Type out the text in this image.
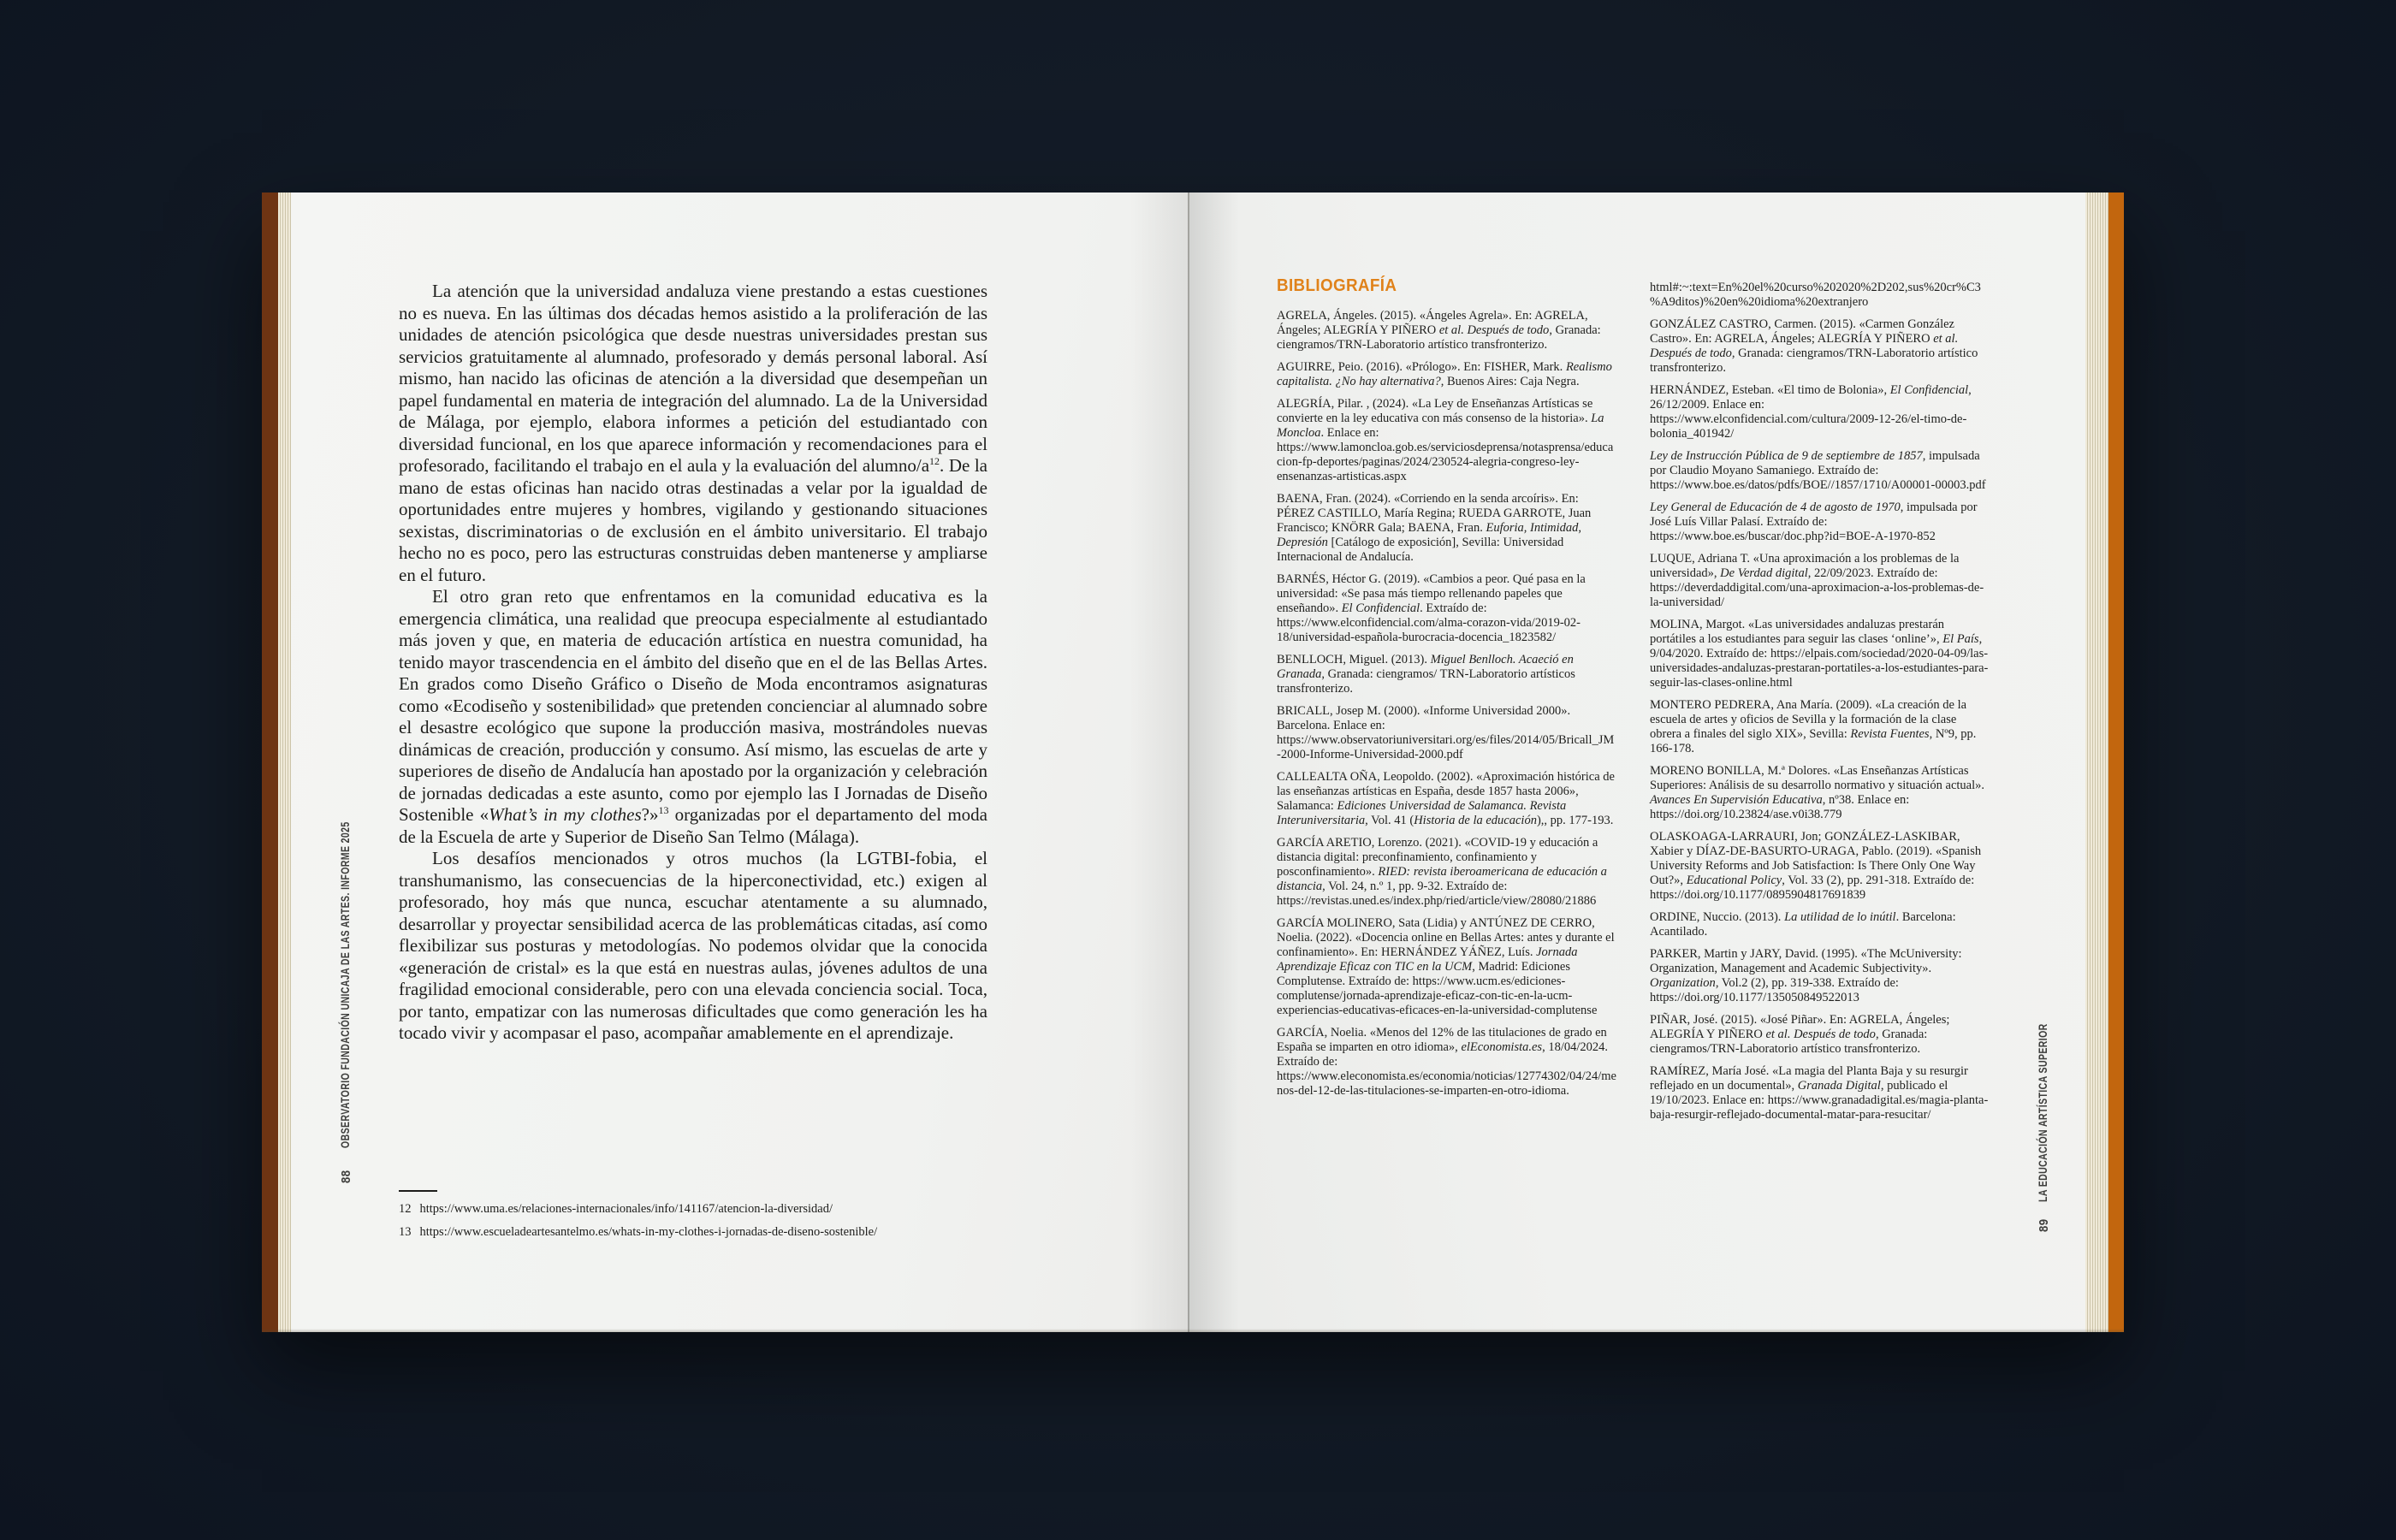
La atención que la universidad andaluza viene prestando a estas cuestiones no es nueva. En las últimas dos décadas hemos asistido a la proliferación de las unidades de atención psicológica que desde nuestras universidades prestan sus servicios gratuitamente al alumnado, profesorado y demás personal laboral. Así mismo, han nacido las oficinas de atención a la diversidad que desempeñan un papel fundamental en materia de integración del alumnado. La de la Universidad de Málaga, por ejemplo, elabora informes a petición del estudiantado con diversidad funcional, en los que aparece información y recomendaciones para el profesorado, facilitando el trabajo en el aula y la evaluación del alumno/$a^{12}$. De la mano de estas oficinas han nacido otras destinadas a velar por la igualdad de oportunidades entre mujeres y hombres, vigilando y gestionando situaciones sexistas, discriminatorias o de exclusión en el ámbito universitario. El trabajo hecho no es poco, pero las estructuras construidas deben mantenerse y ampliarse en el futuro.

El otro gran reto que enfrentamos en la comunidad educativa es la emergencia climática, una realidad que preocupa especialmente al estudiantado más joven y que, en materia de educación artística en nuestra comunidad, ha tenido mayor trascendencia en el ámbito del diseño que en el de las Bellas Artes. En grados como Diseño Gráfico o Diseño de Moda encontramos asignaturas como «Ecodiseño y sostenibilidad» que pretenden concienciar al alumnado sobre el desastre ecológico que supone la producción masiva, mostrándoles nuevas dinámicas de creación, producción y consumo. Así mismo, las escuelas de arte y superiores de diseño de Andalucía han apostado por la organización y celebración de jornadas dedicadas a este asunto, como por ejemplo las I Jornadas de Diseño Sostenible «What’s in my clothes?»$^{13}$ organizadas por el departamento del moda de la Escuela de arte y Superior de Diseño San Telmo (Málaga).

Los desafíos mencionados y otros muchos (la LGTBI-fobia, el transhumanismo, las consecuencias de la hiperconectividad, etc.) exigen al profesorado, hoy más que nunca, escuchar atentamente a su alumnado, desarrollar y proyectar sensibilidad acerca de las problemáticas citadas, así como flexibilizar sus posturas y metodologías. No podemos olvidar que la conocida «generación de cristal» es la que está en nuestras aulas, jóvenes adultos de una fragilidad emocional considerable, pero con una elevada conciencia social. Toca, por tanto, empatizar con las numerosas dificultades que como generación les ha tocado vivir y acompasar el paso, acompañar amablemente en el aprendizaje.

12 https://www.uma.es/relaciones-internacionales/info/141167/atencion-la-diversidad/
13 https://www.escueladeartesantelmo.es/whats-in-my-clothes-i-jornadas-de-diseno-sostenible/
OBSERVATORIO FUNDACIÓN UNICAJA DE LAS ARTES. INFORME 2025
88
BIBLIOGRAFÍA

AGRELA, Ángeles. (2015). «Ángeles Agrela». En: AGRELA, Ángeles; ALEGRÍA Y PIÑERO et al. Después de todo, Granada: ciengramos/TRN-Laboratorio artístico transfronterizo.

AGUIRRE, Peio. (2016). «Prólogo». En: FISHER, Mark. Realismo capitalista. ¿No hay alternativa?, Buenos Aires: Caja Negra.

ALEGRÍA, Pilar. , (2024). «La Ley de Enseñanzas Artísticas se convierte en la ley educativa con más consenso de la historia». La Moncloa. Enlace en: https://www.lamoncloa.gob.es/serviciosdeprensa/notasprensa/educacion-fp-deportes/paginas/2024/230524-alegria-congreso-ley-ensenanzas-artisticas.aspx

BAENA, Fran. (2024). «Corriendo en la senda arcoíris». En: PÉREZ CASTILLO, María Regina; RUEDA GARROTE, Juan Francisco; KNÖRR Gala; BAENA, Fran. Euforia, Intimidad, Depresión [Catálogo de exposición], Sevilla: Universidad Internacional de Andalucía.

BARNÉS, Héctor G. (2019). «Cambios a peor. Qué pasa en la universidad: «Se pasa más tiempo rellenando papeles que enseñando». El Confidencial. Extraído de: https://www.elconfidencial.com/alma-corazon-vida/2019-02-18/universidad-española-burocracia-docencia_1823582/

BENLLOCH, Miguel. (2013). Miguel Benlloch. Acaeció en Granada, Granada: ciengramos/ TRN-Laboratorio artísticos transfronterizo.

BRICALL, Josep M. (2000). «Informe Universidad 2000». Barcelona. Enlace en: https://www.observatoriuniversitari.org/es/files/2014/05/Bricall_JM-2000-Informe-Universidad-2000.pdf

CALLEALTA OÑA, Leopoldo. (2002). «Aproximación histórica de las enseñanzas artísticas en España, desde 1857 hasta 2006», Salamanca: Ediciones Universidad de Salamanca. Revista Interuniversitaria, Vol. 41 (Historia de la educación),, pp. 177-193.

GARCÍA ARETIO, Lorenzo. (2021). «COVID-19 y educación a distancia digital: preconfinamiento, confinamiento y posconfinamiento». RIED: revista iberoamericana de educación a distancia, Vol. 24, n.º 1, pp. 9-32. Extraído de: https://revistas.uned.es/index.php/ried/article/view/28080/21886

GARCÍA MOLINERO, Sata (Lidia) y ANTÚNEZ DE CERRO, Noelia. (2022). «Docencia online en Bellas Artes: antes y durante el confinamiento». En: HERNÁNDEZ YÁÑEZ, Luís. Jornada Aprendizaje Eficaz con TIC en la UCM, Madrid: Ediciones Complutense. Extraído de: https://www.ucm.es/ediciones-complutense/jornada-aprendizaje-eficaz-con-tic-en-la-ucm-experiencias-educativas-eficaces-en-la-universidad-complutense

GARCÍA, Noelia. «Menos del 12% de las titulaciones de grado en España se imparten en otro idioma», elEconomista.es, 18/04/2024. Extraído de: https://www.eleconomista.es/economia/noticias/12774302/04/24/menos-del-12-de-las-titulaciones-se-imparten-en-otro-idioma.

html#:~:text=En%20el%20curso%202020%2D202,sus%20cr%C3%A9ditos)%20en%20idioma%20extranjero

GONZÁLEZ CASTRO, Carmen. (2015). «Carmen González Castro». En: AGRELA, Ángeles; ALEGRÍA Y PIÑERO et al. Después de todo, Granada: ciengramos/TRN-Laboratorio artístico transfronterizo.

HERNÁNDEZ, Esteban. «El timo de Bolonia», El Confidencial, 26/12/2009. Enlace en: https://www.elconfidencial.com/cultura/2009-12-26/el-timo-de-bolonia_401942/

Ley de Instrucción Pública de 9 de septiembre de 1857, impulsada por Claudio Moyano Samaniego. Extraído de: https://www.boe.es/datos/pdfs/BOE//1857/1710/A00001-00003.pdf

Ley General de Educación de 4 de agosto de 1970, impulsada por José Luís Villar Palasí. Extraído de: https://www.boe.es/buscar/doc.php?id=BOE-A-1970-852

LUQUE, Adriana T. «Una aproximación a los problemas de la universidad», De Verdad digital, 22/09/2023. Extraído de: https://deverdaddigital.com/una-aproximacion-a-los-problemas-de-la-universidad/

MOLINA, Margot. «Las universidades andaluzas prestarán portátiles a los estudiantes para seguir las clases ‘online’», El País, 9/04/2020. Extraído de: https://elpais.com/sociedad/2020-04-09/las-universidades-andaluzas-prestaran-portatiles-a-los-estudiantes-para-seguir-las-clases-online.html

MONTERO PEDRERA, Ana María. (2009). «La creación de la escuela de artes y oficios de Sevilla y la formación de la clase obrera a finales del siglo XIX», Sevilla: Revista Fuentes, Nº9, pp. 166-178.

MORENO BONILLA, M.ª Dolores. «Las Enseñanzas Artísticas Superiores: Análisis de su desarrollo normativo y situación actual». Avances En Supervisión Educativa, nº38. Enlace en: https://doi.org/10.23824/ase.v0i38.779

OLASKOAGA-LARRAURI, Jon; GONZÁLEZ-LASKIBAR, Xabier y DÍAZ-DE-BASURTO-URAGA, Pablo. (2019). «Spanish University Reforms and Job Satisfaction: Is There Only One Way Out?», Educational Policy, Vol. 33 (2), pp. 291-318. Extraído de: https://doi.org/10.1177/0895904817691839

ORDINE, Nuccio. (2013). La utilidad de lo inútil. Barcelona: Acantilado.

PARKER, Martin y JARY, David. (1995). «The McUniversity: Organization, Management and Academic Subjectivity». Organization, Vol.2 (2), pp. 319-338. Extraído de: https://doi.org/10.1177/135050849522013

PIÑAR, José. (2015). «José Piñar». En: AGRELA, Ángeles; ALEGRÍA Y PIÑERO et al. Después de todo, Granada: ciengramos/TRN-Laboratorio artístico transfronterizo.

RAMÍREZ, María José. «La magia del Planta Baja y su resurgir reflejado en un documental», Granada Digital, publicado el 19/10/2023. Enlace en: https://www.granadadigital.es/magia-planta-baja-resurgir-reflejado-documental-matar-para-resucitar/	LA EDUCACIÓN ARTÍSTICA SUPERIOR
89
